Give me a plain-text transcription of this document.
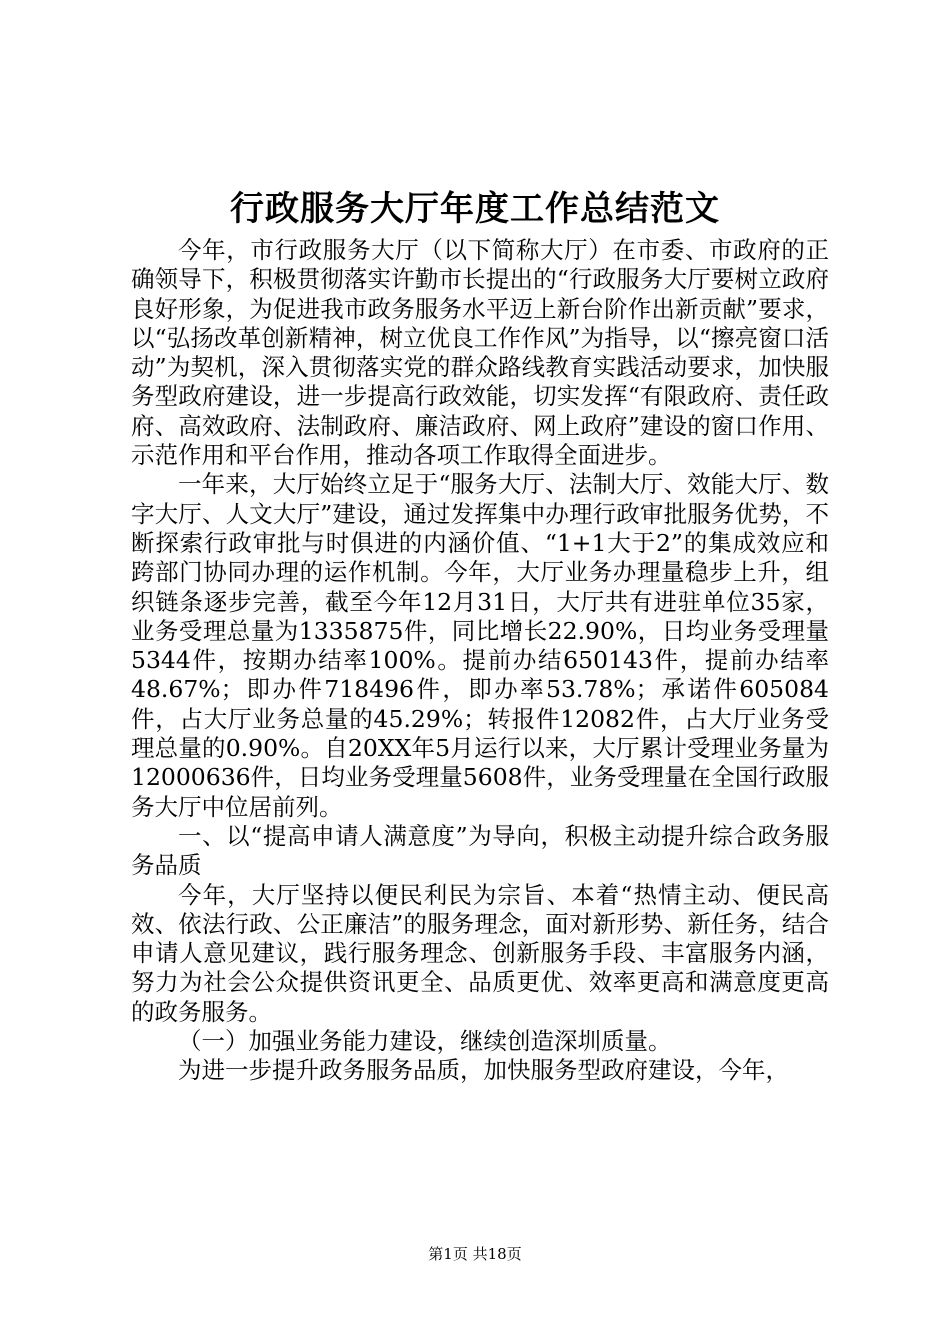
行政服务大厅年度工作总结范文

今年，市行政服务大厅（以下简称大厅）在市委、市政府的正确领导下，积极贯彻落实许勤市长提出的“行政服务大厅要树立政府良好形象，为促进我市政务服务水平迈上新台阶作出新贡献”要求，以“弘扬改革创新精神，树立优良工作作风”为指导，以“擦亮窗口活动”为契机，深入贯彻落实党的群众路线教育实践活动要求，加快服务型政府建设，进一步提高行政效能，切实发挥“有限政府、责任政府、高效政府、法制政府、廉洁政府、网上政府”建设的窗口作用、示范作用和平台作用，推动各项工作取得全面进步。

一年来，大厅始终立足于“服务大厅、法制大厅、效能大厅、数字大厅、人文大厅”建设，通过发挥集中办理行政审批服务优势，不断探索行政审批与时俱进的内涵价值、“1+1大于2”的集成效应和跨部门协同办理的运作机制。今年，大厅业务办理量稳步上升，组织链条逐步完善，截至今年12月31日，大厅共有进驻单位35家，业务受理总量为1335875件，同比增长22.90%，日均业务受理量5344件，按期办结率100%。提前办结650143件，提前办结率48.67%；即办件718496件，即办率53.78%；承诺件605084件，占大厅业务总量的45.29%；转报件12082件，占大厅业务受理总量的0.90%。自20XX年5月运行以来，大厅累计受理业务量为12000636件，日均业务受理量5608件，业务受理量在全国行政服务大厅中位居前列。

一、以“提高申请人满意度”为导向，积极主动提升综合政务服务品质

今年，大厅坚持以便民利民为宗旨、本着“热情主动、便民高效、依法行政、公正廉洁”的服务理念，面对新形势、新任务，结合申请人意见建议，践行服务理念、创新服务手段、丰富服务内涵，努力为社会公众提供资讯更全、品质更优、效率更高和满意度更高的政务服务。

（一）加强业务能力建设，继续创造深圳质量。

为进一步提升政务服务品质，加快服务型政府建设，今年，

第1页 共18页
